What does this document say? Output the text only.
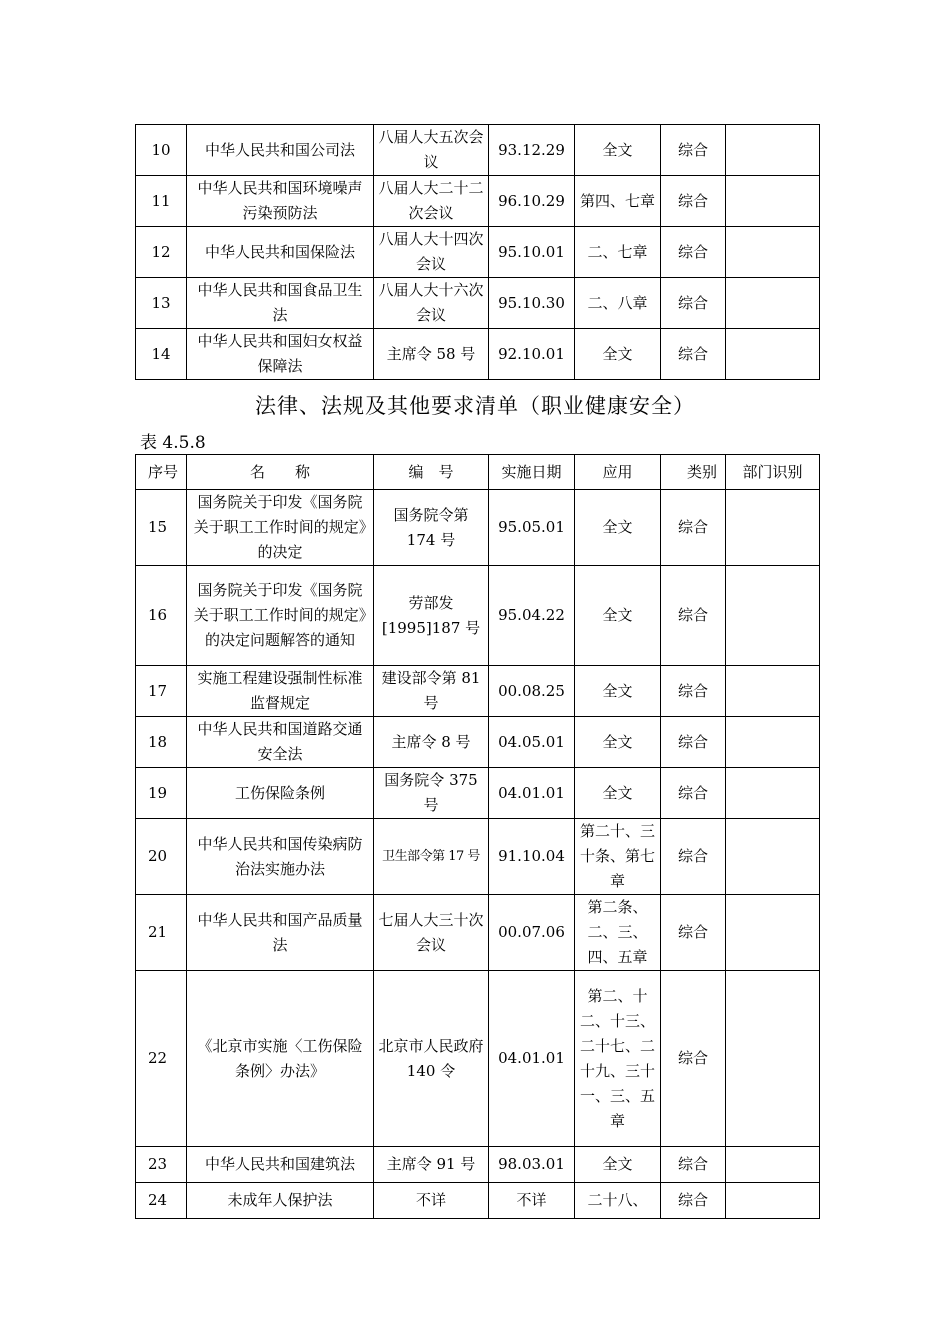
10	中华人民共和国公司法	八届人大五次会议	93.12.29	全文	综合	
11	中华人民共和国环境噪声污染预防法	八届人大二十二次会议	96.10.29	第四、七章	综合	
12	中华人民共和国保险法	八届人大十四次会议	95.10.01	二、七章	综合	
13	中华人民共和国食品卫生法	八届人大十六次会议	95.10.30	二、八章	综合	
14	中华人民共和国妇女权益保障法	主席令 58 号	92.10.01	全文	综合	
法律、法规及其他要求清单（职业健康安全）
表 4.5.8
序号	名　　称	编　号	实施日期	应用	类别	部门识别
15	国务院关于印发《国务院关于职工工作时间的规定》的决定	国务院令第 174 号	95.05.01	全文	综合	
16	国务院关于印发《国务院关于职工工作时间的规定》的决定问题解答的通知	劳部发 [1995]187 号	95.04.22	全文	综合	
17	实施工程建设强制性标准监督规定	建设部令第 81 号	00.08.25	全文	综合	
18	中华人民共和国道路交通安全法	主席令 8 号	04.05.01	全文	综合	
19	工伤保险条例	国务院令 375 号	04.01.01	全文	综合	
20	中华人民共和国传染病防治法实施办法	卫生部令第 17 号	91.10.04	第二十、三十条、第七章	综合	
21	中华人民共和国产品质量法	七届人大三十次会议	00.07.06	第二条、二、三、四、五章	综合	
22	《北京市实施〈工伤保险条例〉办法》	北京市人民政府 140 令	04.01.01	第二、十二、十三、二十七、二十九、三十一、三、五章	综合	
23	中华人民共和国建筑法	主席令 91 号	98.03.01	全文	综合	
24	未成年人保护法	不详	不详	二十八、	综合	
